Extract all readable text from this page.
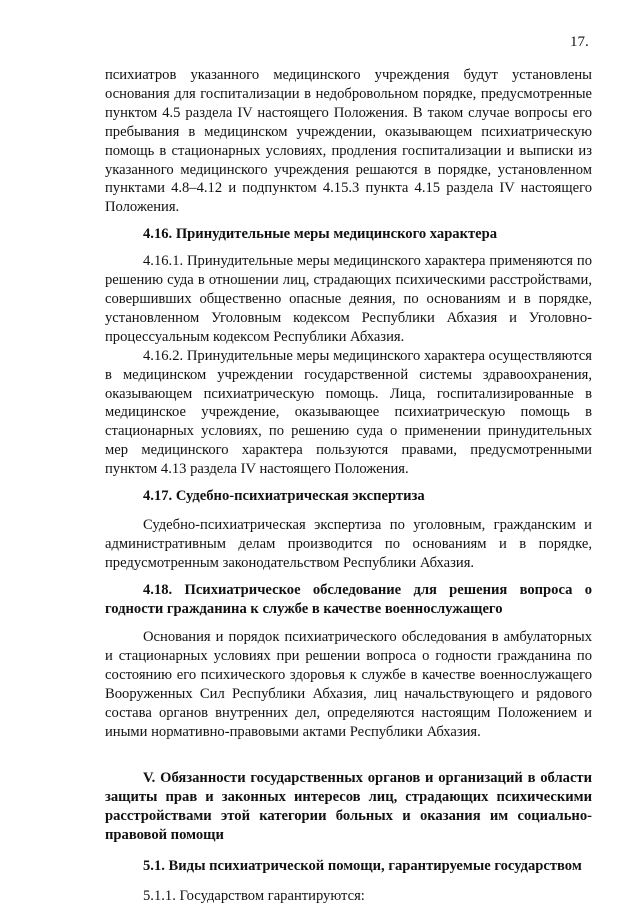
17.

психиатров указанного медицинского учреждения будут установлены основания для госпитализации в недобровольном порядке, предусмотренные пунктом 4.5 раздела IV настоящего Положения. В таком случае вопросы его пребывания в медицинском учреждении, оказывающем психиатрическую помощь в стационарных условиях, продления госпитализации и выписки из указанного медицинского учреждения решаются в порядке, установленном пунктами 4.8–4.12 и подпунктом 4.15.3 пункта 4.15 раздела IV настоящего Положения.

4.16. Принудительные меры медицинского характера

4.16.1. Принудительные меры медицинского характера применяются по решению суда в отношении лиц, страдающих психическими расстройствами, совершивших общественно опасные деяния, по основаниям и в порядке, установленном Уголовным кодексом Республики Абхазия и Уголовно-процессуальным кодексом Республики Абхазия.

4.16.2. Принудительные меры медицинского характера осуществляются в медицинском учреждении государственной системы здравоохранения, оказывающем психиатрическую помощь. Лица, госпитализированные в медицинское учреждение, оказывающее психиатрическую помощь в стационарных условиях, по решению суда о применении принудительных мер медицинского характера пользуются правами, предусмотренными пунктом 4.13 раздела IV настоящего Положения.

4.17. Судебно-психиатрическая экспертиза

Судебно-психиатрическая экспертиза по уголовным, гражданским и административным делам производится по основаниям и в порядке, предусмотренным законодательством Республики Абхазия.

4.18. Психиатрическое обследование для решения вопроса о годности гражданина к службе в качестве военнослужащего

Основания и порядок психиатрического обследования в амбулаторных и стационарных условиях при решении вопроса о годности гражданина по состоянию его психического здоровья к службе в качестве военнослужащего Вооруженных Сил Республики Абхазия, лиц начальствующего и рядового состава органов внутренних дел, определяются настоящим Положением и иными нормативно-правовыми актами Республики Абхазия.

V. Обязанности государственных органов и организаций в области защиты прав и законных интересов лиц, страдающих психическими расстройствами этой категории больных и оказания им социально-правовой помощи
5.1. Виды психиатрической помощи, гарантируемые государством

5.1.1. Государством гарантируются:
